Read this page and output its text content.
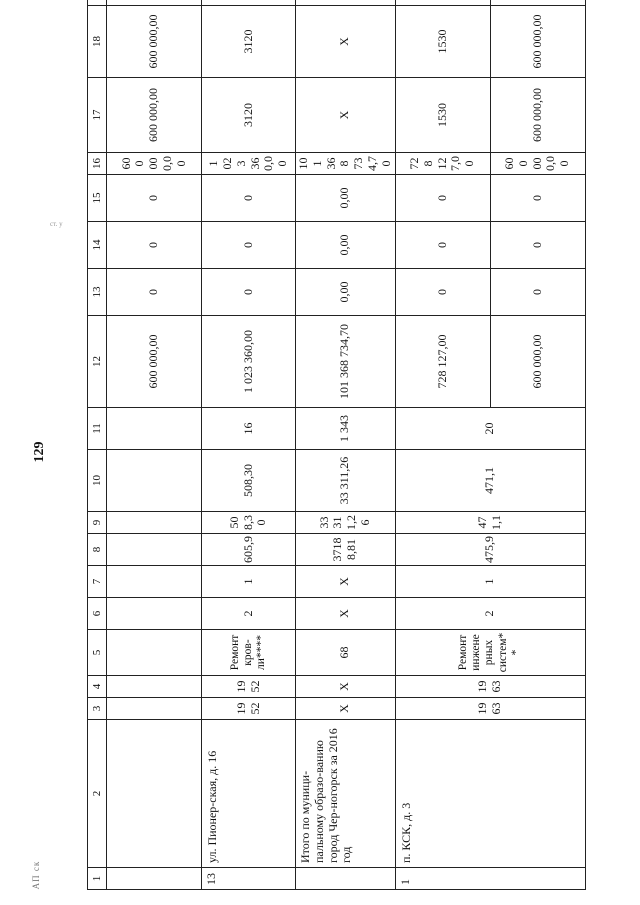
129
АП ск
ст. у
1	2	3	4	5	6	7	8	9	10	11	12	13	14	15	16	17	18	
											600 000,00	0	0	0	600 000,00	600 000,00	600 000,00	
13	ул. Пионер-ская, д. 16	1952	1952	Ремонт кров-ли****	2	1	605,9	508,30	508,30	16	1 023 360,00	0	0	0	1 023 360,00	3120	3120	
	Итого по муници-пальному образо-ванию город Чер-ногорск за 2016 год	X	X	68	X	X	37188,81	33 311,26	33 311,26	1 343	101 368 734,70	0,00	0,00	0,00	101 368 734,70	X	X	
1	п. КСК, д. 3	1963	1963	Ремонт инженерных систем**	2	1	475,9	471,1	471,1	20	728 127,00	0	0	0	728 127,00	1530	1530	
											600 000,00	0	0	0	600 000,00	600 000,00	600 000,00	
